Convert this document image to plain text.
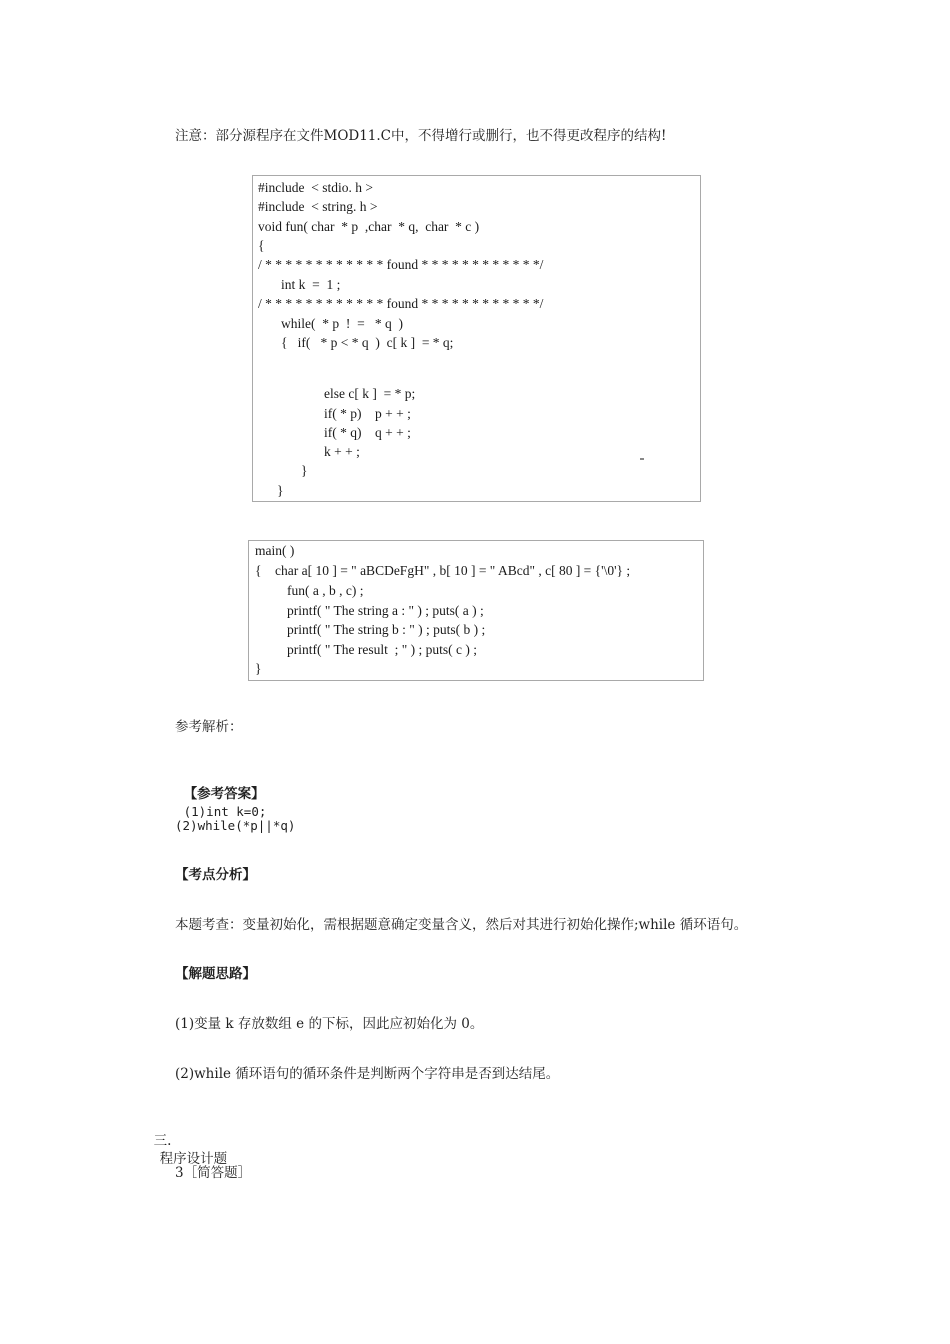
注意：部分源程序在文件MOD11.C中，不得增行或删行，也不得更改程序的结构!
#include  < stdio. h >
#include  < string. h >
void fun( char  * p  ,char  * q,  char  * c )
{
/ * * * * * * * * * * * * found * * * * * * * * * * * */
int k  =  1 ;
/ * * * * * * * * * * * * found * * * * * * * * * * * */
while(  * p  !  =   * q  )
{   if(   * p < * q  )  c[ k ]  = * q;
else c[ k ]  = * p;
if( * p)    p + + ;
if( * q)    q + + ;
k + + ;
}
}
main( )
{    char a[ 10 ] = " aBCDeFgH" , b[ 10 ] = " ABcd" , c[ 80 ] = {'\0'} ;
fun( a , b , c) ;
printf( " The string a : " ) ; puts( a ) ;
printf( " The string b : " ) ; puts( b ) ;
printf( " The result  ; " ) ; puts( c ) ;
}
参考解析：

【参考答案】
(1)int k=0;

(2)while(*p||*q)
【考点分析】
本题考查：变量初始化，需根据题意确定变量含义，然后对其进行初始化操作;while 循环语句。
【解题思路】
(1)变量 k 存放数组 e 的下标，因此应初始化为 0。
(2)while 循环语句的循环条件是判断两个字符串是否到达结尾。

三.
程序设计题

3［简答题］
